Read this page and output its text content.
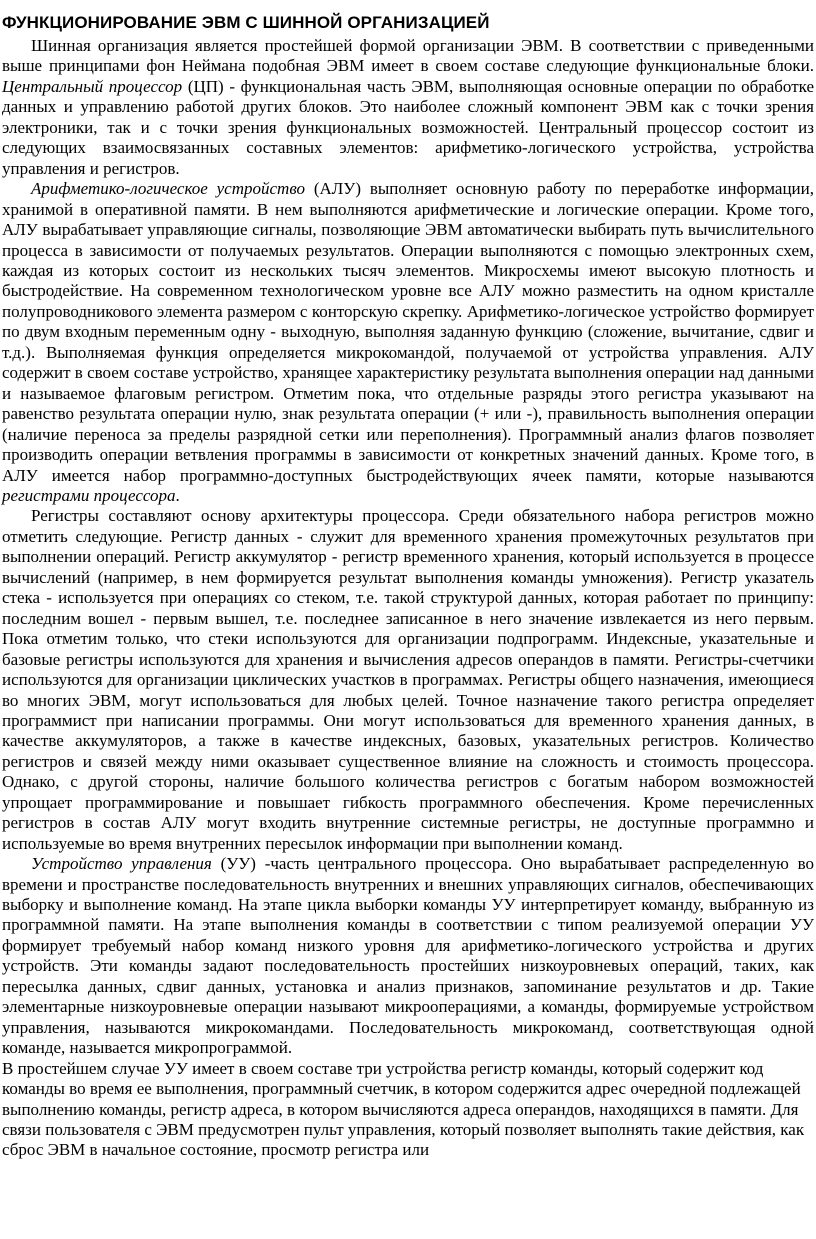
ФУНКЦИОНИРОВАНИЕ ЭВМ С ШИННОЙ ОРГАНИЗАЦИЕЙ

Шинная организация является простейшей формой организации ЭВМ. В соответствии с приведенными выше принципами фон Неймана подобная ЭВМ имеет в своем составе следующие функциональные блоки. Центральный процессор (ЦП) - функциональная часть ЭВМ, выполняющая основные операции по обработке данных и управлению работой других блоков. Это наиболее сложный компонент ЭВМ как с точки зрения электроники, так и с точки зрения функциональных возможностей. Центральный процессор состоит из следующих взаимосвязанных составных элементов: арифметико-логического устройства, устройства управления и регистров.

Арифметико-логическое устройство (АЛУ) выполняет основную работу по переработке информации, хранимой в оперативной памяти. В нем выполняются арифметические и логические операции. Кроме того, АЛУ вырабатывает управляющие сигналы, позволяющие ЭВМ автоматически выбирать путь вычислительного процесса в зависимости от получаемых результатов. Операции выполняются с помощью электронных схем, каждая из которых состоит из нескольких тысяч элементов. Микросхемы имеют высокую плотность и быстродействие. На современном технологическом уровне все АЛУ можно разместить на одном кристалле полупроводникового элемента размером с конторскую скрепку. Арифметико-логическое устройство формирует по двум входным переменным одну - выходную, выполняя заданную функцию (сложение, вычитание, сдвиг и т.д.). Выполняемая функция определяется микрокомандой, получаемой от устройства управления. АЛУ содержит в своем составе устройство, хранящее характеристику результата выполнения операции над данными и называемое флаговым регистром. Отметим пока, что отдельные разряды этого регистра указывают на равенство результата операции нулю, знак результата операции (+ или -), правильность выполнения операции (наличие переноса за пределы разрядной сетки или переполнения). Программный анализ флагов позволяет производить операции ветвления программы в зависимости от конкретных значений данных. Кроме того, в АЛУ имеется набор программно-доступных быстродействующих ячеек памяти, которые называются регистрами процессора.

Регистры составляют основу архитектуры процессора. Среди обязательного набора регистров можно отметить следующие. Регистр данных - служит для временного хранения промежуточных результатов при выполнении операций. Регистр аккумулятор - регистр временного хранения, который используется в процессе вычислений (например, в нем формируется результат выполнения команды умножения). Регистр указатель стека - используется при операциях со стеком, т.е. такой структурой данных, которая работает по принципу: последним вошел - первым вышел, т.е. последнее записанное в него значение извлекается из него первым. Пока отметим только, что стеки используются для организации подпрограмм. Индексные, указательные и базовые регистры используются для хранения и вычисления адресов операндов в памяти. Регистры-счетчики используются для организации циклических участков в программах. Регистры общего назначения, имеющиеся во многих ЭВМ, могут использоваться для любых целей. Точное назначение такого регистра определяет программист при написании программы. Они могут использоваться для временного хранения данных, в качестве аккумуляторов, а также в качестве индексных, базовых, указательных регистров. Количество регистров и связей между ними оказывает существенное влияние на сложность и стоимость процессора. Однако, с другой стороны, наличие большого количества регистров с богатым набором возможностей упрощает программирование и повышает гибкость программного обеспечения. Кроме перечисленных регистров в состав АЛУ могут входить внутренние системные регистры, не доступные программно и используемые во время внутренних пересылок информации при выполнении команд.

Устройство управления (УУ) -часть центрального процессора. Оно вырабатывает распределенную во времени и пространстве последовательность внутренних и внешних управляющих сигналов, обеспечивающих выборку и выполнение команд. На этапе цикла выборки команды УУ интерпретирует команду, выбранную из программной памяти. На этапе выполнения команды в соответствии с типом реализуемой операции УУ формирует требуемый набор команд низкого уровня для арифметико-логического устройства и других устройств. Эти команды задают последовательность простейших низкоуровневых операций, таких, как пересылка данных, сдвиг данных, установка и анализ признаков, запоминание результатов и др. Такие элементарные низкоуровневые операции называют микрооперациями, а команды, формируемые устройством управления, называются микрокомандами. Последовательность микрокоманд, соответствующая одной команде, называется микропрограммой.

В простейшем случае УУ имеет в своем составе три устройства регистр команды, который содержит код команды во время ее выполнения, программный счетчик, в котором содержится адрес очередной подлежащей выполнению команды, регистр адреса, в котором вычисляются адреса операндов, находящихся в памяти. Для связи пользователя с ЭВМ предусмотрен пульт управления, который позволяет выполнять такие действия, как сброс ЭВМ в начальное состояние, просмотр регистра или
